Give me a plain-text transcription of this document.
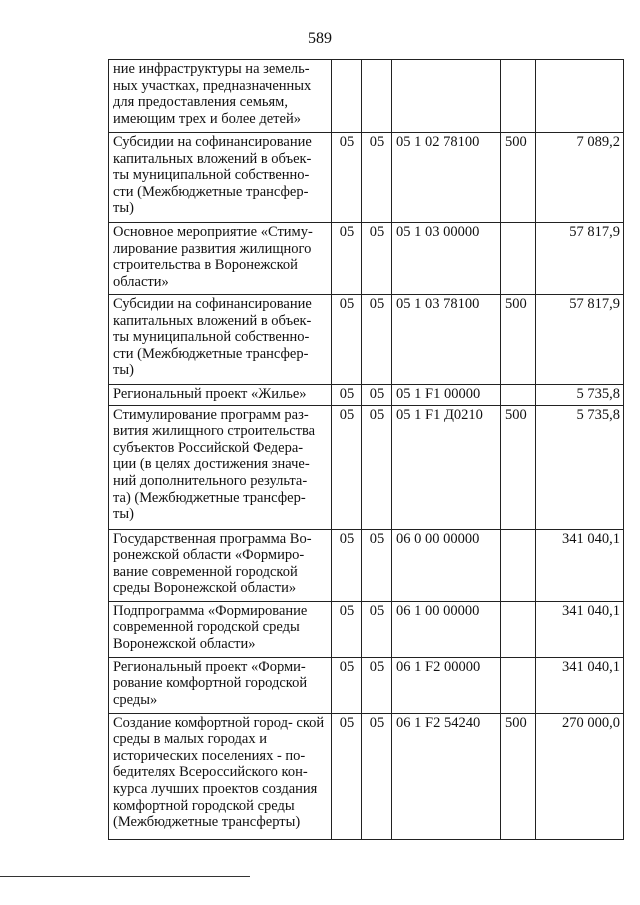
589
ние инфраструктуры на земель- ных участках, предназначенных для предоставления семьям, имеющим трех и более детей»					
Субсидии на софинансирование капитальных вложений в объек- ты муниципальной собственно- сти (Межбюджетные трансфер- ты)	05	05	05 1 02 78100	500	7 089,2
Основное мероприятие «Стиму- лирование развития жилищного строительства в Воронежской области»	05	05	05 1 03 00000		57 817,9
Субсидии на софинансирование капитальных вложений в объек- ты муниципальной собственно- сти (Межбюджетные трансфер- ты)	05	05	05 1 03 78100	500	57 817,9
Региональный проект «Жилье»	05	05	05 1 F1 00000		5 735,8
Стимулирование программ раз- вития жилищного строительства субъектов Российской Федера- ции (в целях достижения значе- ний дополнительного результа- та) (Межбюджетные трансфер- ты)	05	05	05 1 F1 Д0210	500	5 735,8
Государственная программа Во- ронежской области «Формиро- вание современной городской среды Воронежской области»	05	05	06 0 00 00000		341 040,1
Подпрограмма «Формирование современной городской среды Воронежской области»	05	05	06 1 00 00000		341 040,1
Региональный проект «Форми- рование комфортной городской среды»	05	05	06 1 F2 00000		341 040,1
Создание комфортной город- ской среды в малых городах и исторических поселениях - по- бедителях Всероссийского кон- курса лучших проектов создания комфортной городской среды (Межбюджетные трансферты)	05	05	06 1 F2 54240	500	270 000,0
